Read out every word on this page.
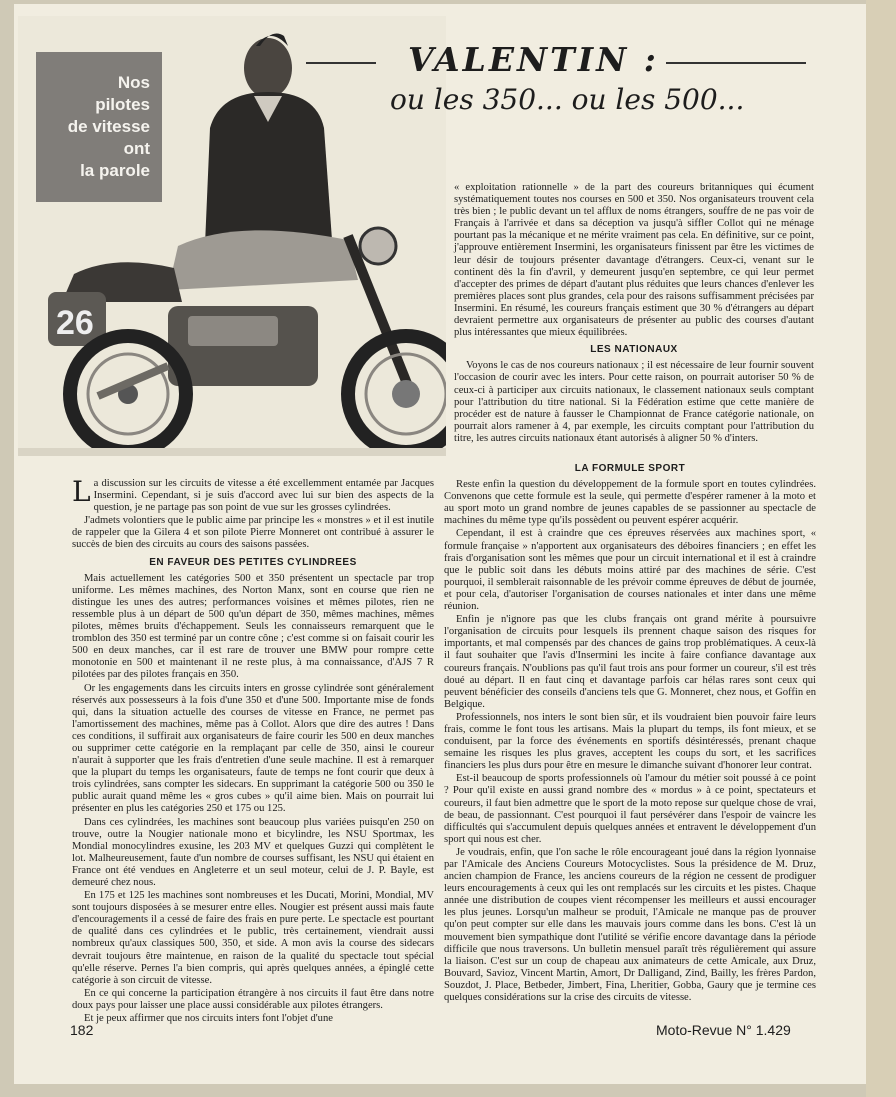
26
Nos
pilotes
de vitesse
ont
la parole
VALENTIN :
ou les 350... ou les 500...

« exploitation rationnelle » de la part des coureurs britanniques qui écument systématiquement toutes nos courses en 500 et 350. Nos organisateurs trouvent cela très bien ; le public devant un tel afflux de noms étrangers, souffre de ne pas voir de Français à l'arrivée et dans sa déception va jusqu'à siffler Collot qui ne ménage pourtant pas la mécanique et ne mérite vraiment pas cela. En définitive, sur ce point, j'approuve entièrement Insermini, les organisateurs finissent par être les victimes de leur désir de toujours présenter davantage d'étrangers. Ceux-ci, venant sur le continent dès la fin d'avril, y demeurent jusqu'en septembre, ce qui leur permet d'accepter des primes de départ d'autant plus réduites que leurs chances d'enlever les premières places sont plus grandes, cela pour des raisons suffisamment précisées par Insermini. En résumé, les coureurs français estiment que 30 % d'étrangers au départ devraient permettre aux organisateurs de présenter au public des courses d'autant plus intéressantes que mieux équilibrées.

LES NATIONAUX

Voyons le cas de nos coureurs nationaux ; il est nécessaire de leur fournir souvent l'occasion de courir avec les inters. Pour cette raison, on pourrait autoriser 50 % de ceux-ci à participer aux circuits nationaux, le classement nationaux seuls comptant pour l'attribution du titre national. Si la Fédération estime que cette manière de procéder est de nature à fausser le Championnat de France catégorie nationale, on pourrait alors ramener à 4, par exemple, les circuits comptant pour l'attribution du titre, les autres circuits nationaux étant autorisés à aligner 50 % d'inters.

La discussion sur les circuits de vitesse a été excellemment entamée par Jacques Insermini. Cependant, si je suis d'accord avec lui sur bien des aspects de la question, je ne partage pas son point de vue sur les grosses cylindrées.

J'admets volontiers que le public aime par principe les « monstres » et il est inutile de rappeler que la Gilera 4 et son pilote Pierre Monneret ont contribué à assurer le succès de bien des circuits au cours des saisons passées.

EN FAVEUR DES PETITES CYLINDREES

Mais actuellement les catégories 500 et 350 présentent un spectacle par trop uniforme. Les mêmes machines, des Norton Manx, sont en course que rien ne distingue les unes des autres; performances voisines et mêmes pilotes, rien ne ressemble plus à un départ de 500 qu'un départ de 350, mêmes machines, mêmes pilotes, mêmes bruits d'échappement. Seuls les connaisseurs remarquent que le tromblon des 350 est terminé par un contre cône ; c'est comme si on faisait courir les 500 en deux manches, car il est rare de trouver une BMW pour rompre cette monotonie en 500 et maintenant il ne reste plus, à ma connaissance, d'AJS 7 R pilotées par des pilotes français en 350.

Or les engagements dans les circuits inters en grosse cylindrée sont généralement réservés aux possesseurs à la fois d'une 350 et d'une 500. Importante mise de fonds qui, dans la situation actuelle des courses de vitesse en France, ne permet pas l'amortissement des machines, même pas à Collot. Alors que dire des autres ! Dans ces conditions, il suffirait aux organisateurs de faire courir les 500 en deux manches ou supprimer cette catégorie en la remplaçant par celle de 350, ainsi le coureur n'aurait à supporter que les frais d'entretien d'une seule machine. Il est à remarquer que la plupart du temps les organisateurs, faute de temps ne font courir que deux à trois cylindrées, sans compter les sidecars. En supprimant la catégorie 500 ou 350 le public aurait quand même les « gros cubes » qu'il aime bien. Mais on pourrait lui présenter en plus les catégories 250 et 175 ou 125.

Dans ces cylindrées, les machines sont beaucoup plus variées puisqu'en 250 on trouve, outre la Nougier nationale mono et bicylindre, les NSU Sportmax, les Mondial monocylindres exusine, les 203 MV et quelques Guzzi qui complètent le lot. Malheureusement, faute d'un nombre de courses suffisant, les NSU qui étaient en France ont été vendues en Angleterre et un seul moteur, celui de J. P. Bayle, est demeuré chez nous.

En 175 et 125 les machines sont nombreuses et les Ducati, Morini, Mondial, MV sont toujours disposées à se mesurer entre elles. Nougier est présent aussi mais faute d'encouragements il a cessé de faire des frais en pure perte. Le spectacle est pourtant de qualité dans ces cylindrées et le public, très certainement, viendrait aussi nombreux qu'aux classiques 500, 350, et side. A mon avis la course des sidecars devrait toujours être maintenue, en raison de la qualité du spectacle tout spécial qu'elle réserve. Pernes l'a bien compris, qui après quelques années, a épinglé cette catégorie à son circuit de vitesse.

En ce qui concerne la participation étrangère à nos circuits il faut être dans notre doux pays pour laisser une place aussi considérable aux pilotes étrangers.

Et je peux affirmer que nos circuits inters font l'objet d'une

LA FORMULE SPORT

Reste enfin la question du développement de la formule sport en toutes cylindrées. Convenons que cette formule est la seule, qui permette d'espérer ramener à la moto et au sport moto un grand nombre de jeunes capables de se passionner au spectacle de machines du même type qu'ils possèdent ou peuvent espérer acquérir.

Cependant, il est à craindre que ces épreuves réservées aux machines sport, « formule française » n'apportent aux organisateurs des déboires financiers ; en effet les frais d'organisation sont les mêmes que pour un circuit international et il est à craindre que le public soit dans les débuts moins attiré par des machines de série. C'est pourquoi, il semblerait raisonnable de les prévoir comme épreuves de début de journée, et pour cela, d'autoriser l'organisation de courses nationales et inter dans une même réunion.

Enfin je n'ignore pas que les clubs français ont grand mérite à poursuivre l'organisation de circuits pour lesquels ils prennent chaque saison des risques for importants, et mal compensés par des chances de gains trop problématiques. A ceux-là il faut souhaiter que l'avis d'Insermini les incite à faire confiance davantage aux coureurs français. N'oublions pas qu'il faut trois ans pour former un coureur, s'il est très doué au départ. Il en faut cinq et davantage parfois car hélas rares sont ceux qui peuvent bénéficier des conseils d'anciens tels que G. Monneret, chez nous, et Goffin en Belgique.

Professionnels, nos inters le sont bien sûr, et ils voudraient bien pouvoir faire leurs frais, comme le font tous les artisans. Mais la plupart du temps, ils font mieux, et se conduisent, par la force des événements en sportifs désintéressés, prenant chaque semaine les risques les plus graves, acceptent les coups du sort, et les sacrifices financiers les plus durs pour être en mesure le dimanche suivant d'honorer leur contrat.

Est-il beaucoup de sports professionnels où l'amour du métier soit poussé à ce point ? Pour qu'il existe en aussi grand nombre des « mordus » à ce point, spectateurs et coureurs, il faut bien admettre que le sport de la moto repose sur quelque chose de vrai, de beau, de passionnant. C'est pourquoi il faut persévérer dans l'espoir de vaincre les difficultés qui s'accumulent depuis quelques années et entravent le développement d'un sport qui nous est cher.

Je voudrais, enfin, que l'on sache le rôle encourageant joué dans la région lyonnaise par l'Amicale des Anciens Coureurs Motocyclistes. Sous la présidence de M. Druz, ancien champion de France, les anciens coureurs de la région ne cessent de prodiguer leurs encouragements à ceux qui les ont remplacés sur les circuits et les pistes. Chaque année une distribution de coupes vient récompenser les meilleurs et aussi encourager les plus jeunes. Lorsqu'un malheur se produit, l'Amicale ne manque pas de prouver qu'on peut compter sur elle dans les mauvais jours comme dans les bons. C'est là un mouvement bien sympathique dont l'utilité se vérifie encore davantage dans la période difficile que nous traversons. Un bulletin mensuel paraît très régulièrement qui assure la liaison. C'est sur un coup de chapeau aux animateurs de cette Amicale, aux Druz, Bouvard, Savioz, Vincent Martin, Amort, Dr Dalligand, Zind, Bailly, les frères Pardon, Souzdot, J. Place, Betbeder, Jimbert, Fina, Lheritier, Gobba, Gaury que je termine ces quelques considérations sur la crise des circuits de vitesse.

182	Moto-Revue N° 1.429
